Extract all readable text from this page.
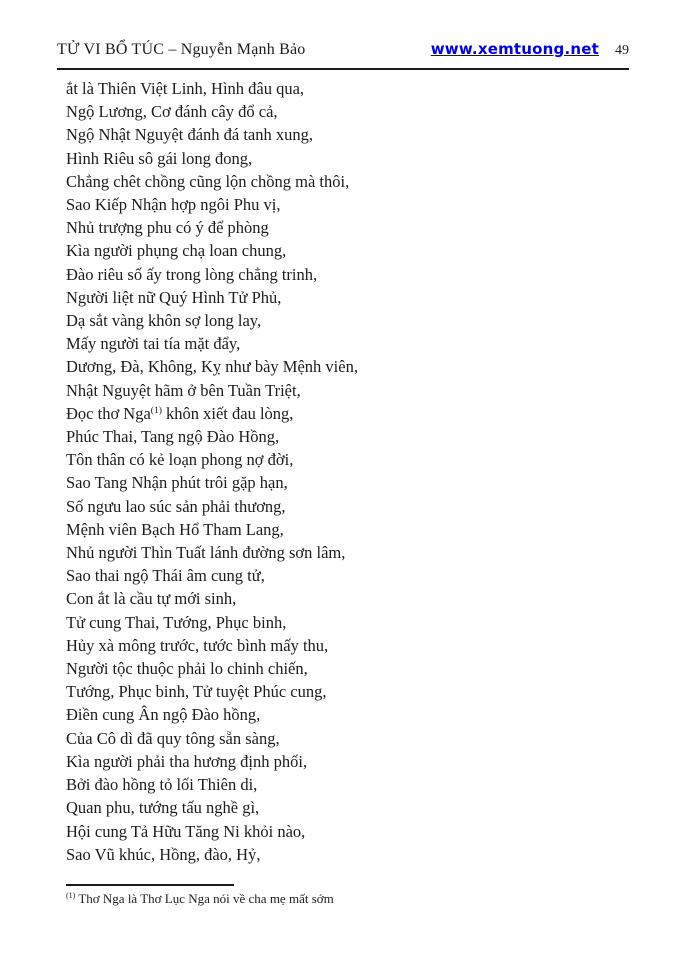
TỬ VI BỔ TÚC – Nguyễn Mạnh Bảo	www.xemtuong.net 49

ắt là Thiên Việt Linh, Hình đâu qua,

Ngộ Lương, Cơ đánh cây đổ cả,

Ngộ Nhật Nguyệt đánh đá tanh xung,

Hình Riêu sô gái long đong,

Chẳng chêt chồng cũng lộn chồng mà thôi,

Sao Kiếp Nhận hợp ngôi Phu vị,

Nhủ trượng phu có ý để phòng

Kìa người phụng chạ loan chung,

Đào riêu số ấy trong lòng chẳng trinh,

Người liệt nữ Quý Hình Tử Phủ,

Dạ sắt vàng khôn sợ long lay,

Mấy người tai tía mặt đẩy,

Dương, Đà, Không, Kỵ như bày Mệnh viên,

Nhật Nguyệt hãm ở bên Tuần Triệt,

Đọc thơ Nga$^{(1)}$ khôn xiết đau lòng,

Phúc Thai, Tang ngộ Đào Hồng,

Tôn thân có kẻ loạn phong nợ đời,

Sao Tang Nhận phút trôi gặp hạn,

Số ngưu lao súc sản phải thương,

Mệnh viên Bạch Hổ Tham Lang,

Nhủ người Thìn Tuất lánh đường sơn lâm,

Sao thai ngộ Thái âm cung tử,

Con ắt là cầu tự mới sinh,

Tử cung Thai, Tướng, Phục binh,

Hủy xà mông trước, tước bình mấy thu,

Người tộc thuộc phải lo chinh chiến,

Tướng, Phục binh, Tử tuyệt Phúc cung,

Điền cung Ân ngộ Đào hồng,

Của Cô dì đã quy tông sẵn sàng,

Kìa người phải tha hương định phối,

Bởi đào hồng tỏ lối Thiên di,

Quan phu, tướng tấu nghề gì,

Hội cung Tả Hữu Tăng Ni khỏi nào,

Sao Vũ khúc, Hồng, đào, Hỷ,

$^{(1)}$ Thơ Nga là Thơ Lục Nga nói về cha mẹ mất sớm
